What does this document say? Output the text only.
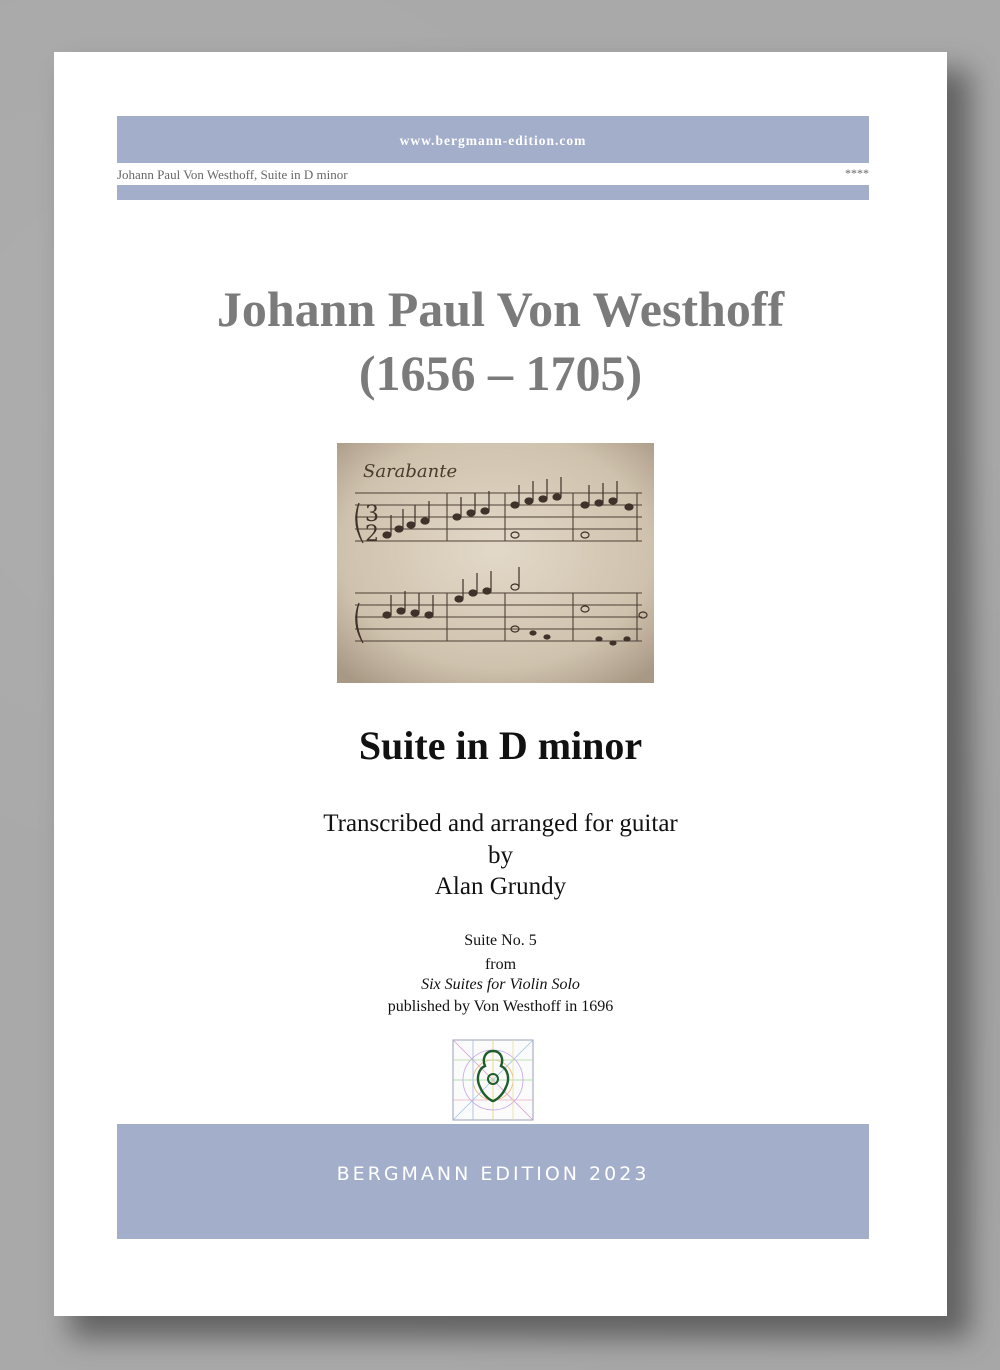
www.bergmann-edition.com
Johann Paul Von Westhoff, Suite in D minor	****
Johann Paul Von Westhoff
(1656 – 1705)
Sarabante
3
2
Suite in D minor
Transcribed and arranged for guitar
by
Alan Grundy
Suite No. 5
from
Six Suites for Violin Solo
published by Von Westhoff in 1696
BERGMANN EDITION 2023
